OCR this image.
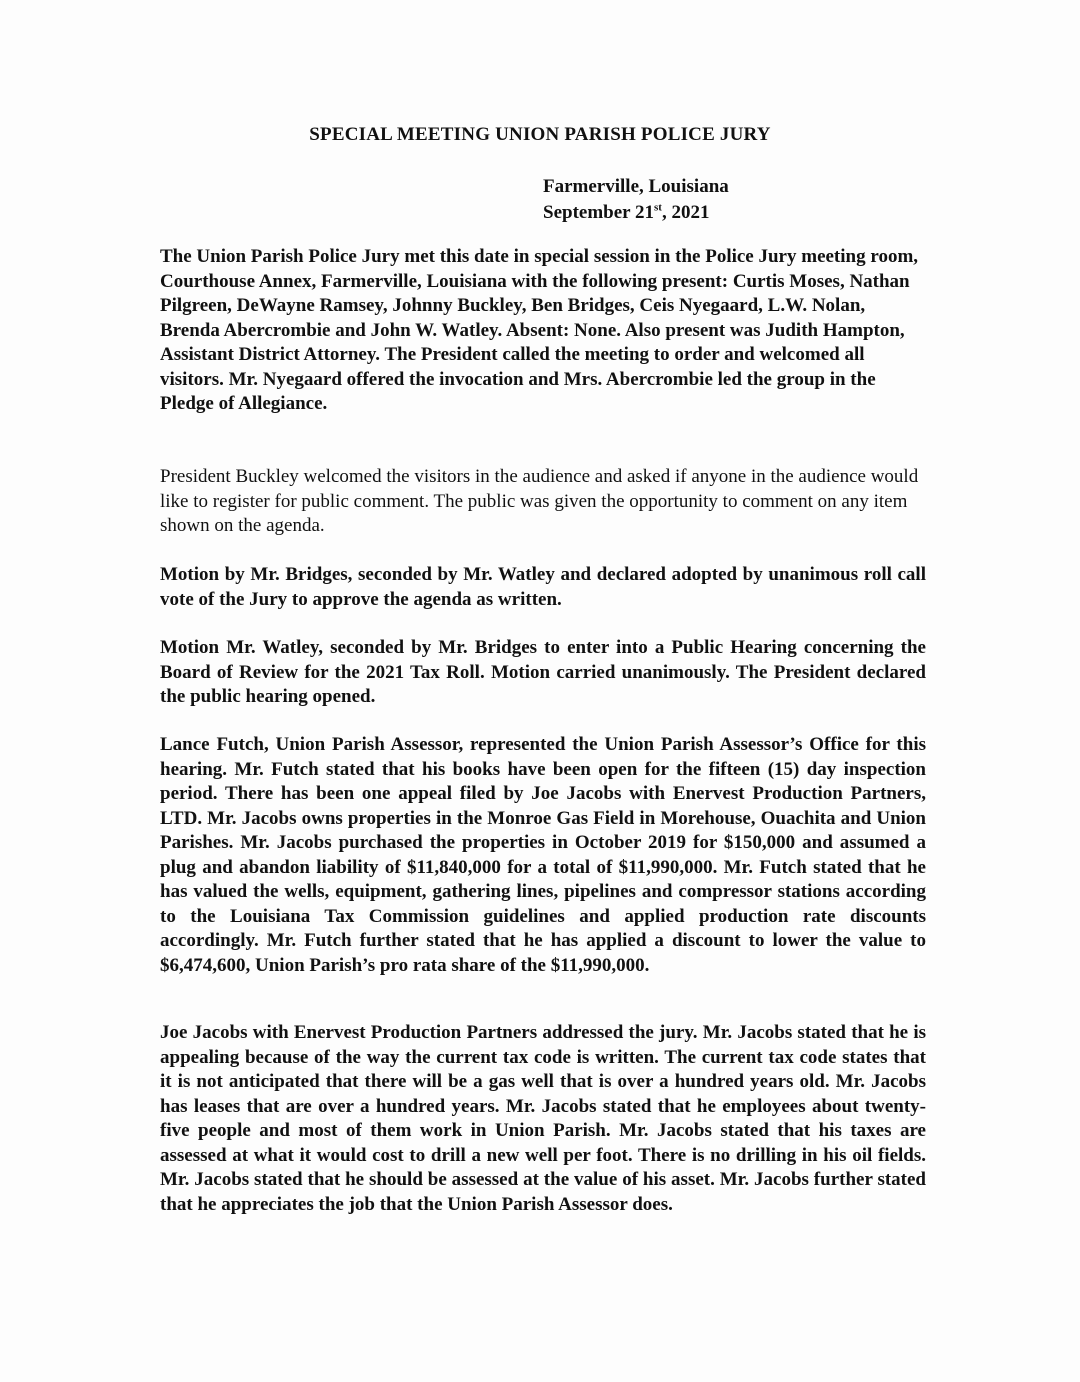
SPECIAL MEETING UNION PARISH POLICE JURY
Farmerville, Louisiana
September 21st, 2021

The Union Parish Police Jury met this date in special session in the Police Jury meeting room, Courthouse Annex, Farmerville, Louisiana with the following present: Curtis Moses, Nathan Pilgreen, DeWayne Ramsey, Johnny Buckley, Ben Bridges, Ceis Nyegaard, L.W. Nolan, Brenda Abercrombie and John W. Watley. Absent: None. Also present was Judith Hampton, Assistant District Attorney. The President called the meeting to order and welcomed all visitors. Mr. Nyegaard offered the invocation and Mrs. Abercrombie led the group in the Pledge of Allegiance.

President Buckley welcomed the visitors in the audience and asked if anyone in the audience would like to register for public comment. The public was given the opportunity to comment on any item shown on the agenda.

Motion by Mr. Bridges, seconded by Mr. Watley and declared adopted by unanimous roll call vote of the Jury to approve the agenda as written.

Motion Mr. Watley, seconded by Mr. Bridges to enter into a Public Hearing concerning the Board of Review for the 2021 Tax Roll. Motion carried unanimously. The President declared the public hearing opened.

Lance Futch, Union Parish Assessor, represented the Union Parish Assessor’s Office for this hearing. Mr. Futch stated that his books have been open for the fifteen (15) day inspection period. There has been one appeal filed by Joe Jacobs with Enervest Production Partners, LTD. Mr. Jacobs owns properties in the Monroe Gas Field in Morehouse, Ouachita and Union Parishes. Mr. Jacobs purchased the properties in October 2019 for $150,000 and assumed a plug and abandon liability of $11,840,000 for a total of $11,990,000. Mr. Futch stated that he has valued the wells, equipment, gathering lines, pipelines and compressor stations according to the Louisiana Tax Commission guidelines and applied production rate discounts accordingly. Mr. Futch further stated that he has applied a discount to lower the value to $6,474,600, Union Parish’s pro rata share of the $11,990,000.

Joe Jacobs with Enervest Production Partners addressed the jury. Mr. Jacobs stated that he is appealing because of the way the current tax code is written. The current tax code states that it is not anticipated that there will be a gas well that is over a hundred years old. Mr. Jacobs has leases that are over a hundred years. Mr. Jacobs stated that he employees about twenty-five people and most of them work in Union Parish. Mr. Jacobs stated that his taxes are assessed at what it would cost to drill a new well per foot. There is no drilling in his oil fields. Mr. Jacobs stated that he should be assessed at the value of his asset. Mr. Jacobs further stated that he appreciates the job that the Union Parish Assessor does.
